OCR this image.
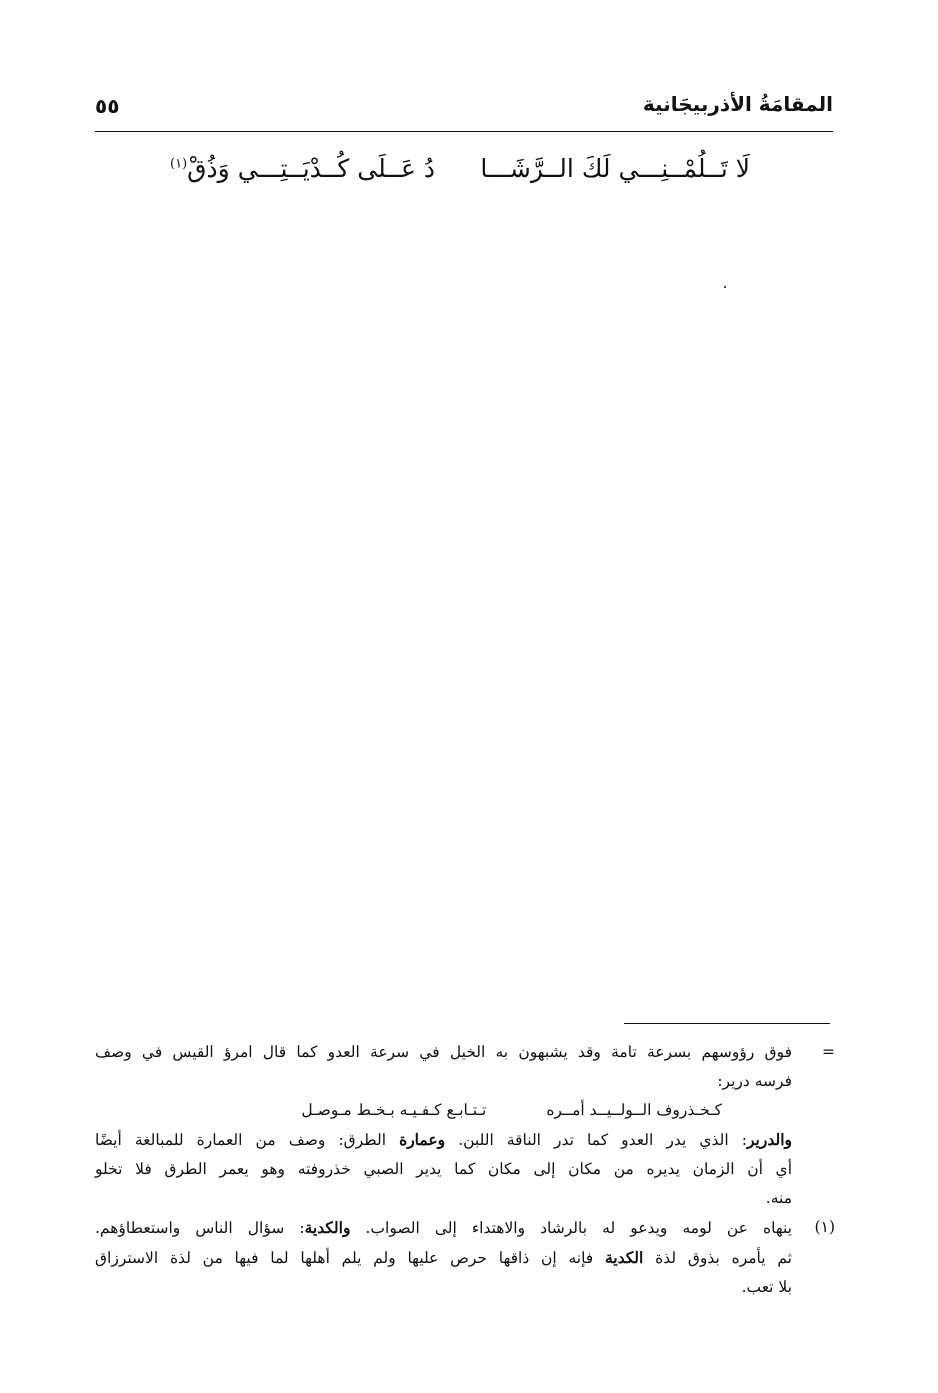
المقامَةُ الأذربيجَانية
٥٥
لَا تَــلُمْــنِـــي لَكَ الــرَّشَـــا
دُ عَــلَى كُــدْيَــتِـــي وَذُقْ$^{(١)}$
=
فوق رؤوسهم بسرعة تامة وقد يشبهون به الخيل في سرعة العدو كما قال امرؤ القيس في وصف
فرسه درير:
كـخـذروف الــولــيــد أمــرهتـتـابـع كـفـيـه بـخـط مـوصـل
والدرير: الذي يدر العدو كما تدر الناقة اللبن. وعمارة الطرق: وصف من العمارة للمبالغة أيضًا
أي أن الزمان يديره من مكان إلى مكان كما يدير الصبي خذروفته وهو يعمر الطرق فلا تخلو
منه.
(١)
ينهاه عن لومه ويدعو له بالرشاد والاهتداء إلى الصواب. والكدية: سؤال الناس واستعطاؤهم.
ثم يأمره بذوق لذة الكدية فإنه إن ذاقها حرص عليها ولم يلم أهلها لما فيها من لذة الاسترزاق
بلا تعب.
